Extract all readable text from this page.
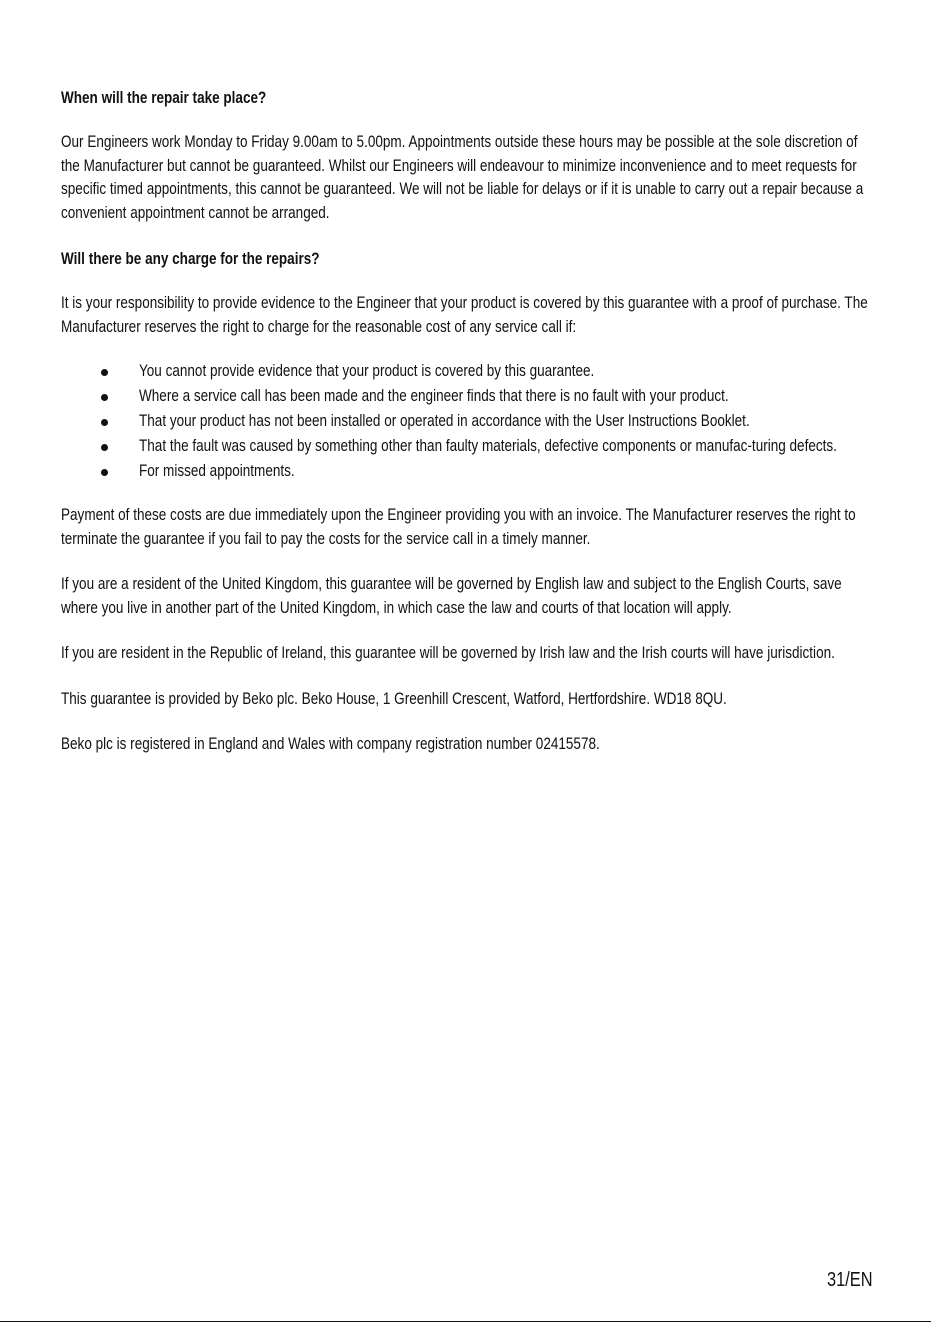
When will the repair take place?

Our Engineers work Monday to Friday 9.00am to 5.00pm. Appointments outside these hours may be possible at the sole discretion of the Manufacturer but cannot be guaranteed. Whilst our Engineers will endeavour to minimize inconvenience and to meet requests for specific timed appointments, this cannot be guaranteed. We will not be liable for delays or if it is unable to carry out a repair because a convenient appointment cannot be arranged.

Will there be any charge for the repairs?

It is your responsibility to provide evidence to the Engineer that your product is covered by this guarantee with a proof of purchase. The Manufacturer reserves the right to charge for the reasonable cost of any service call if:

You cannot provide evidence that your product is covered by this guarantee.
Where a service call has been made and the engineer finds that there is no fault with your product.
That your product has not been installed or operated in accordance with the User Instructions Booklet.
That the fault was caused by something other than faulty materials, defective components or manufac-turing defects.
For missed appointments.

Payment of these costs are due immediately upon the Engineer providing you with an invoice. The Manufacturer reserves the right to terminate the guarantee if you fail to pay the costs for the service call in a timely manner.

If you are a resident of the United Kingdom, this guarantee will be governed by English law and subject to the English Courts, save where you live in another part of the United Kingdom, in which case the law and courts of that location will apply.

If you are resident in the Republic of Ireland, this guarantee will be governed by Irish law and the Irish courts will have jurisdiction.

This guarantee is provided by Beko plc. Beko House, 1 Greenhill Crescent, Watford, Hertfordshire. WD18 8QU.

Beko plc is registered in England and Wales with company registration number 02415578.

31/EN
